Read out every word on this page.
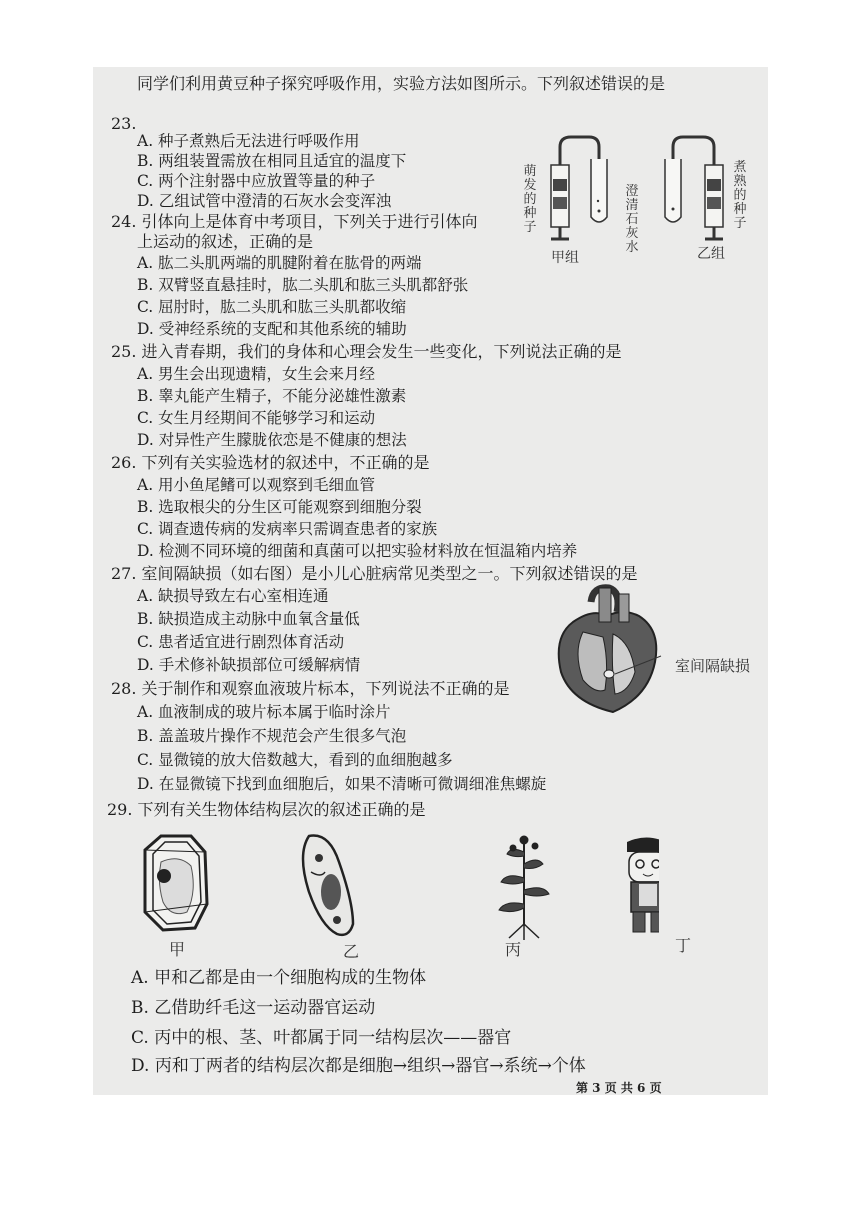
同学们利用黄豆种子探究呼吸作用，实验方法如图所示。下列叙述错误的是
23.
A. 种子煮熟后无法进行呼吸作用
B. 两组装置需放在相同且适宜的温度下
C. 两个注射器中应放置等量的种子
D. 乙组试管中澄清的石灰水会变浑浊
24. 引体向上是体育中考项目，下列关于进行引体向
上运动的叙述，正确的是
A. 肱二头肌两端的肌腱附着在肱骨的两端
B. 双臂竖直悬挂时，肱二头肌和肱三头肌都舒张
C. 屈肘时，肱二头肌和肱三头肌都收缩
D. 受神经系统的支配和其他系统的辅助
25. 进入青春期，我们的身体和心理会发生一些变化，下列说法正确的是
A. 男生会出现遗精，女生会来月经
B. 睾丸能产生精子，不能分泌雄性激素
C. 女生月经期间不能够学习和运动
D. 对异性产生朦胧依恋是不健康的想法
26. 下列有关实验选材的叙述中，不正确的是
A. 用小鱼尾鳍可以观察到毛细血管
B. 选取根尖的分生区可能观察到细胞分裂
C. 调查遗传病的发病率只需调查患者的家族
D. 检测不同环境的细菌和真菌可以把实验材料放在恒温箱内培养
27. 室间隔缺损（如右图）是小儿心脏病常见类型之一。下列叙述错误的是
A. 缺损导致左右心室相连通
B. 缺损造成主动脉中血氧含量低
C. 患者适宜进行剧烈体育活动
D. 手术修补缺损部位可缓解病情
28. 关于制作和观察血液玻片标本，下列说法不正确的是
A. 血液制成的玻片标本属于临时涂片
B. 盖盖玻片操作不规范会产生很多气泡
C. 显微镜的放大倍数越大，看到的血细胞越多
D. 在显微镜下找到血细胞后，如果不清晰可微调细准焦螺旋
29. 下列有关生物体结构层次的叙述正确的是
A. 甲和乙都是由一个细胞构成的生物体
B. 乙借助纤毛这一运动器官运动
C. 丙中的根、茎、叶都属于同一结构层次——器官
D. 丙和丁两者的结构层次都是细胞→组织→器官→系统→个体
萌发的种子
澄清石灰水
煮熟的种子
甲组	乙组
室间隔缺损
甲	乙	丙	丁
第 3 页 共 6 页
